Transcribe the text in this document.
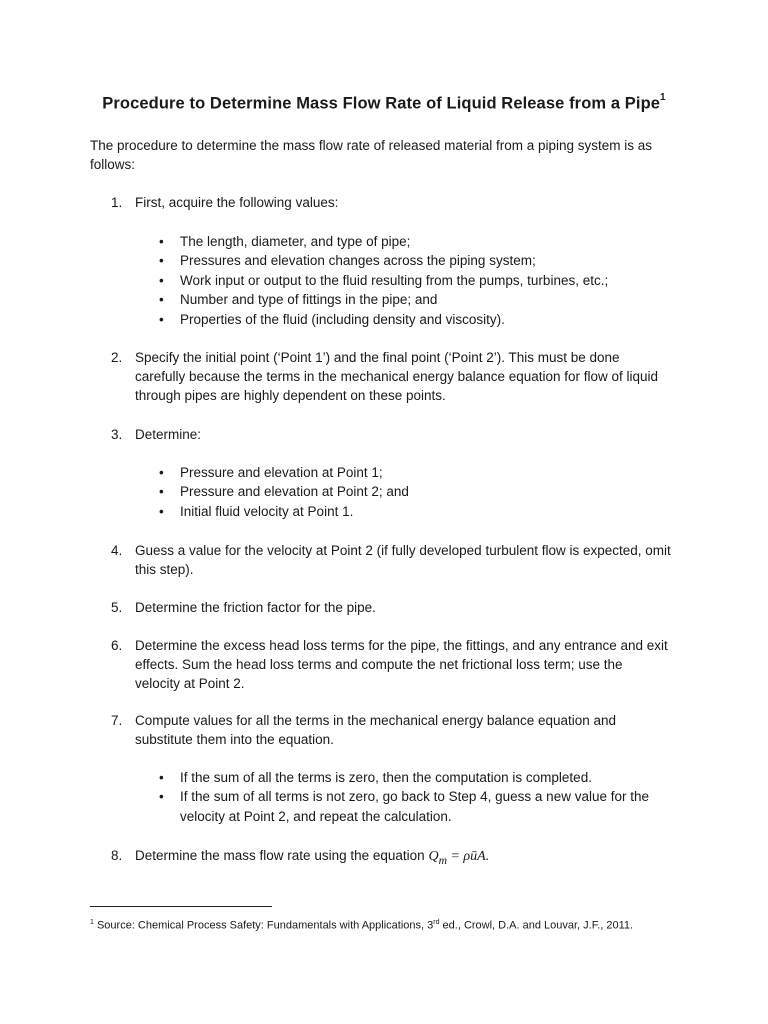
Procedure to Determine Mass Flow Rate of Liquid Release from a Pipe$^1$
The procedure to determine the mass flow rate of released material from a piping system is as follows:
1. First, acquire the following values:
• The length, diameter, and type of pipe;
• Pressures and elevation changes across the piping system;
• Work input or output to the fluid resulting from the pumps, turbines, etc.;
• Number and type of fittings in the pipe; and
• Properties of the fluid (including density and viscosity).
2. Specify the initial point (‘Point 1’) and the final point (‘Point 2’). This must be done carefully because the terms in the mechanical energy balance equation for flow of liquid through pipes are highly dependent on these points.
3. Determine:
• Pressure and elevation at Point 1;
• Pressure and elevation at Point 2; and
• Initial fluid velocity at Point 1.
4. Guess a value for the velocity at Point 2 (if fully developed turbulent flow is expected, omit this step).
5. Determine the friction factor for the pipe.
6. Determine the excess head loss terms for the pipe, the fittings, and any entrance and exit effects. Sum the head loss terms and compute the net frictional loss term; use the velocity at Point 2.
7. Compute values for all the terms in the mechanical energy balance equation and substitute them into the equation.
• If the sum of all the terms is zero, then the computation is completed.
• If the sum of all terms is not zero, go back to Step 4, guess a new value for the velocity at Point 2, and repeat the calculation.
8. Determine the mass flow rate using the equation $Q_m$ = ρūA.
$^1$ Source: Chemical Process Safety: Fundamentals with Applications, 3rd ed., Crowl, D.A. and Louvar, J.F., 2011.
